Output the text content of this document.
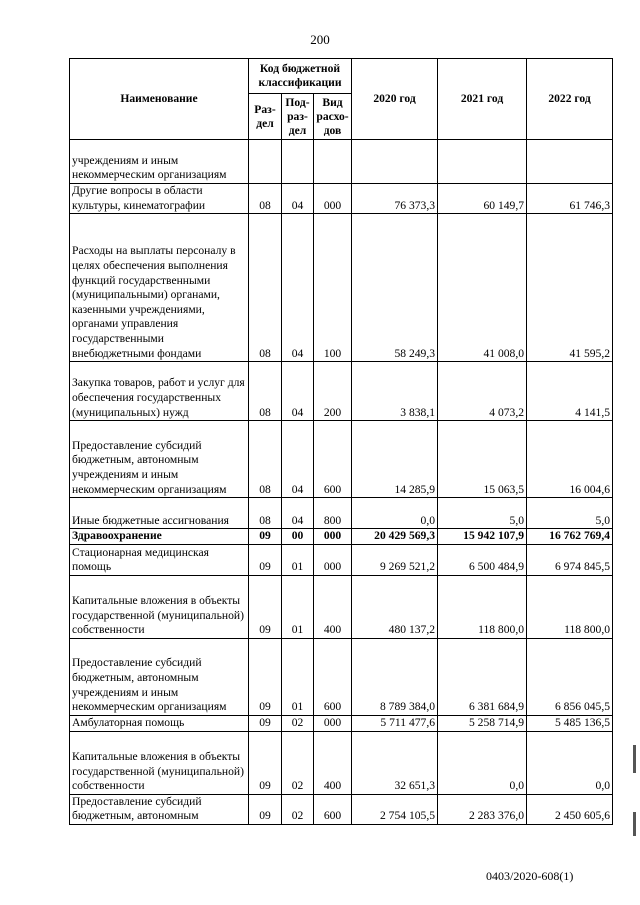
200
Наименование	Код бюджетной классификации			2020 год	2021 год	2022 год
	Раз-дел	Под-раз-дел	Вид расхо-дов			
учреждениям и иным некоммерческим организациям						
Другие вопросы в области культуры, кинематографии	08	04	000	76 373,3	60 149,7	61 746,3
Расходы на выплаты персоналу в целях обеспечения выполнения функций государственными (муниципальными) органами, казенными учреждениями, органами управления государственными внебюджетными фондами	08	04	100	58 249,3	41 008,0	41 595,2
Закупка товаров, работ и услуг для обеспечения государственных (муниципальных) нужд	08	04	200	3 838,1	4 073,2	4 141,5
Предоставление субсидий бюджетным, автономным учреждениям и иным некоммерческим организациям	08	04	600	14 285,9	15 063,5	16 004,6
Иные бюджетные ассигнования	08	04	800	0,0	5,0	5,0
Здравоохранение	09	00	000	20 429 569,3	15 942 107,9	16 762 769,4
Стационарная медицинская помощь	09	01	000	9 269 521,2	6 500 484,9	6 974 845,5
Капитальные вложения в объекты государственной (муниципальной) собственности	09	01	400	480 137,2	118 800,0	118 800,0
Предоставление субсидий бюджетным, автономным учреждениям и иным некоммерческим организациям	09	01	600	8 789 384,0	6 381 684,9	6 856 045,5
Амбулаторная помощь	09	02	000	5 711 477,6	5 258 714,9	5 485 136,5
Капитальные вложения в объекты государственной (муниципальной) собственности	09	02	400	32 651,3	0,0	0,0
Предоставление субсидий бюджетным, автономным	09	02	600	2 754 105,5	2 283 376,0	2 450 605,6
0403/2020-608(1)
